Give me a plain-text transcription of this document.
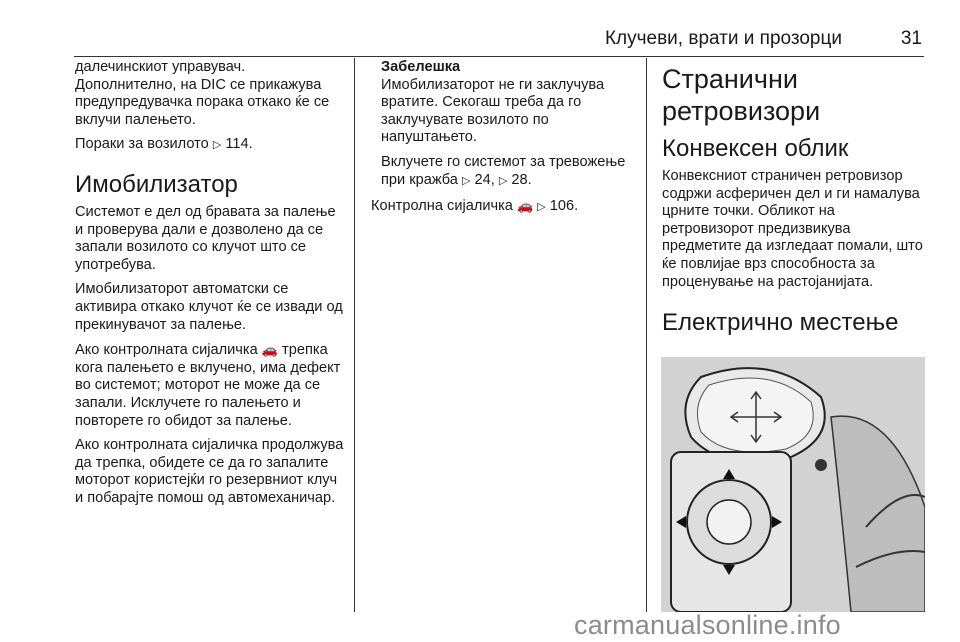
Клучеви, врати и прозорци	31

далечинскиот управувач. Дополнително, на DIC се прикажува предупредувачка порака откако ќе се вклучи палењето.

Пораки за возилото ▷ 114.

Имобилизатор

Системот е дел од бравата за палење и проверува дали е дозволено да се запали возилото со клучот што се употребува.

Имобилизаторот автоматски се активира откако клучот ќе се извади од прекинувачот за палење.

Ако контролната сијаличка 🚗 трепка кога палењето е вклучено, има дефект во системот; моторот не може да се запали. Исклучете го палењето и повторете го обидот за палење.

Ако контролната сијаличка продолжува да трепка, обидете се да го запалите моторот користејќи го резервниот клуч и побарајте помош од автомеханичар.

Забелешка

Имобилизаторот не ги заклучува вратите. Секогаш треба да го заклучувате возилото по напуштањето.

Вклучете го системот за тревожење при кражба ▷ 24, ▷ 28.

Контролна сијаличка 🚗 ▷ 106.

Странични ретровизори
Конвексен облик

Конвексниот страничен ретровизор содржи асферичен дел и ги намалува црните точки. Обликот на ретровизорот предизвикува предметите да изгледаат помали, што ќе повлијае врз способноста за проценување на растојанијата.

Електрично местење
carmanualsonline.info
